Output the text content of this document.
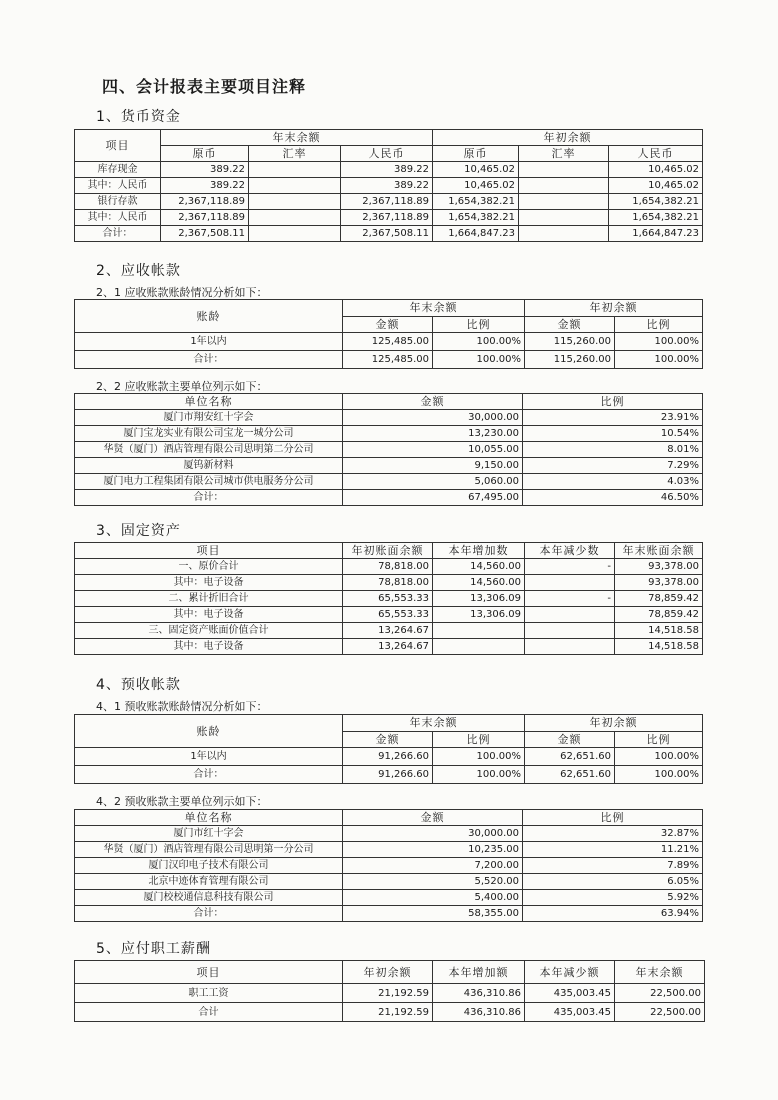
四、会计报表主要项目注释
1、货币资金
项目	年末余额			年初余额		
	原币	汇率	人民币	原币	汇率	人民币
库存现金	389.22		389.22	10,465.02		10,465.02
其中：人民币	389.22		389.22	10,465.02		10,465.02
银行存款	2,367,118.89		2,367,118.89	1,654,382.21		1,654,382.21
其中：人民币	2,367,118.89		2,367,118.89	1,654,382.21		1,654,382.21
合计：	2,367,508.11		2,367,508.11	1,664,847.23		1,664,847.23
2、应收帐款
2、1 应收账款账龄情况分析如下：
账龄	年末余额		年初余额	
	金额	比例	金额	比例
1年以内	125,485.00	100.00%	115,260.00	100.00%
合计：	125,485.00	100.00%	115,260.00	100.00%
2、2 应收账款主要单位列示如下：
单位名称	金额	比例
厦门市翔安红十字会	30,000.00	23.91%
厦门宝龙实业有限公司宝龙一城分公司	13,230.00	10.54%
华贤（厦门）酒店管理有限公司思明第二分公司	10,055.00	8.01%
厦钨新材料	9,150.00	7.29%
厦门电力工程集团有限公司城市供电服务分公司	5,060.00	4.03%
合计：	67,495.00	46.50%
3、固定资产
项目	年初账面余额	本年增加数	本年减少数	年末账面余额
一、原价合计	78,818.00	14,560.00	-	93,378.00
其中：电子设备	78,818.00	14,560.00		93,378.00
二、累计折旧合计	65,553.33	13,306.09	-	78,859.42
其中：电子设备	65,553.33	13,306.09		78,859.42
三、固定资产账面价值合计	13,264.67			14,518.58
其中：电子设备	13,264.67			14,518.58
4、预收帐款
4、1 预收账款账龄情况分析如下：
账龄	年末余额		年初余额	
	金额	比例	金额	比例
1年以内	91,266.60	100.00%	62,651.60	100.00%
合计：	91,266.60	100.00%	62,651.60	100.00%
4、2 预收账款主要单位列示如下：
单位名称	金额	比例
厦门市红十字会	30,000.00	32.87%
华贤（厦门）酒店管理有限公司思明第一分公司	10,235.00	11.21%
厦门汉印电子技术有限公司	7,200.00	7.89%
北京中迹体育管理有限公司	5,520.00	6.05%
厦门校校通信息科技有限公司	5,400.00	5.92%
合计：	58,355.00	63.94%
5、应付职工薪酬
项目	年初余额	本年增加额	本年减少额	年末余额
职工工资	21,192.59	436,310.86	435,003.45	22,500.00
合计	21,192.59	436,310.86	435,003.45	22,500.00
